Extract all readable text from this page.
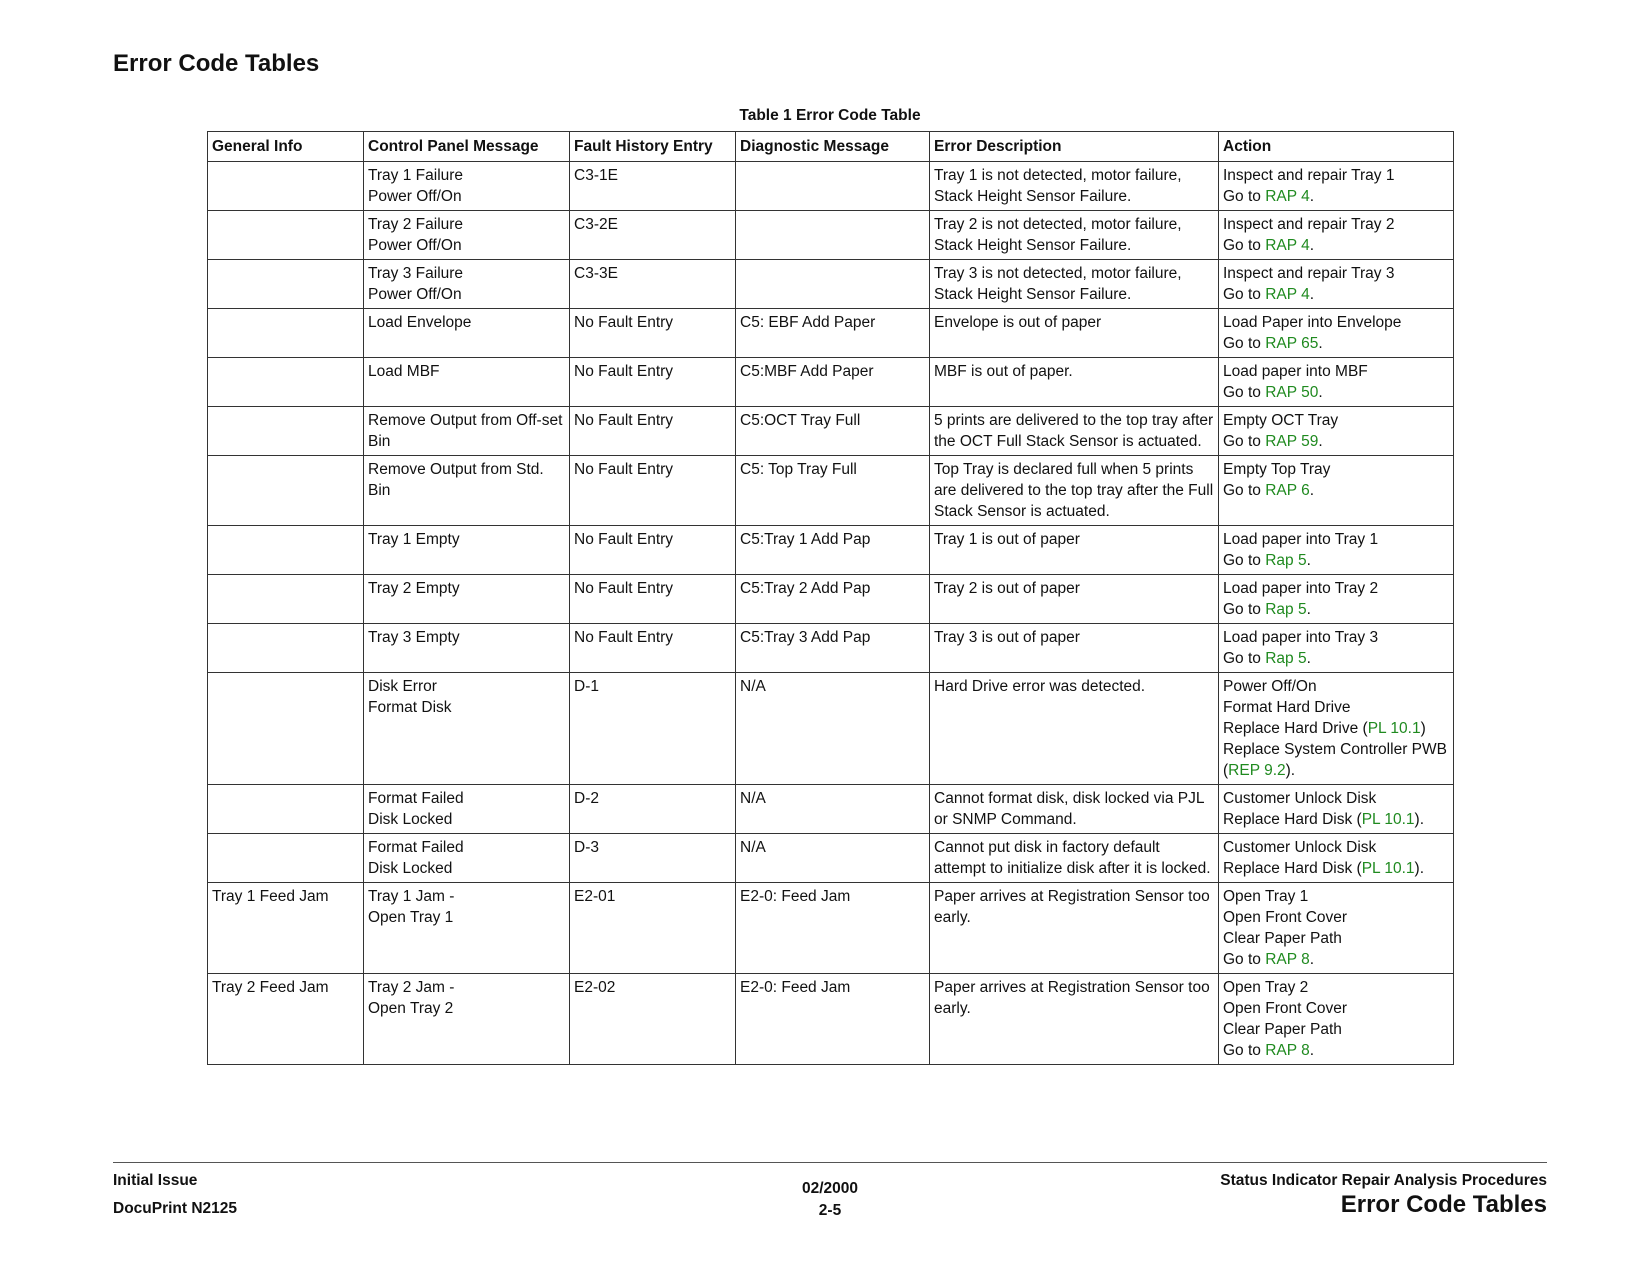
Error Code Tables
Table 1 Error Code Table
General Info	Control Panel Message	Fault History Entry	Diagnostic Message	Error Description	Action

	Tray 1 Failure
Power Off/On	C3-1E		Tray 1 is not detected, motor failure, Stack Height Sensor Failure.	Inspect and repair Tray 1
Go to RAP 4.

	Tray 2 Failure
Power Off/On	C3-2E		Tray 2 is not detected, motor failure, Stack Height Sensor Failure.	Inspect and repair Tray 2
Go to RAP 4.

	Tray 3 Failure
Power Off/On	C3-3E		Tray 3 is not detected, motor failure, Stack Height Sensor Failure.	Inspect and repair Tray 3
Go to RAP 4.

	Load Envelope	No Fault Entry	C5: EBF Add Paper	Envelope is out of paper	Load Paper into Envelope
Go to RAP 65.

	Load MBF	No Fault Entry	C5:MBF Add Paper	MBF is out of paper.	Load paper into MBF
Go to RAP 50.

	Remove Output from Off-set Bin	No Fault Entry	C5:OCT Tray Full	5 prints are delivered to the top tray after the OCT Full Stack Sensor is actuated.	Empty OCT Tray
Go to RAP 59.

	Remove Output from Std. Bin	No Fault Entry	C5: Top Tray Full	Top Tray is declared full when 5 prints are delivered to the top tray after the Full Stack Sensor is actuated.	Empty Top Tray
Go to RAP 6.

	Tray 1 Empty	No Fault Entry	C5:Tray 1 Add Pap	Tray 1 is out of paper	Load paper into Tray 1
Go to Rap 5.

	Tray 2 Empty	No Fault Entry	C5:Tray 2 Add Pap	Tray 2 is out of paper	Load paper into Tray 2
Go to Rap 5.

	Tray 3 Empty	No Fault Entry	C5:Tray 3 Add Pap	Tray 3 is out of paper	Load paper into Tray 3
Go to Rap 5.

	Disk Error
Format Disk	D-1	N/A	Hard Drive error was detected.	Power Off/On
Format Hard Drive
Replace Hard Drive (PL 10.1)
Replace System Controller PWB (REP 9.2).

	Format Failed
Disk Locked	D-2	N/A	Cannot format disk, disk locked via PJL or SNMP Command.	Customer Unlock Disk
Replace Hard Disk (PL 10.1).

	Format Failed
Disk Locked	D-3	N/A	Cannot put disk in factory default attempt to initialize disk after it is locked.	Customer Unlock Disk
Replace Hard Disk (PL 10.1).

Tray 1 Feed Jam	Tray 1 Jam -
Open Tray 1	E2-01	E2-0: Feed Jam	Paper arrives at Registration Sensor too early.	Open Tray 1
Open Front Cover
Clear Paper Path
Go to RAP 8.

Tray 2 Feed Jam	Tray 2 Jam -
Open Tray 2	E2-02	E2-0: Feed Jam	Paper arrives at Registration Sensor too early.	Open Tray 2
Open Front Cover
Clear Paper Path
Go to RAP 8.
Initial Issue
DocuPrint N2125
02/2000
2-5
Status Indicator Repair Analysis Procedures
Error Code Tables
